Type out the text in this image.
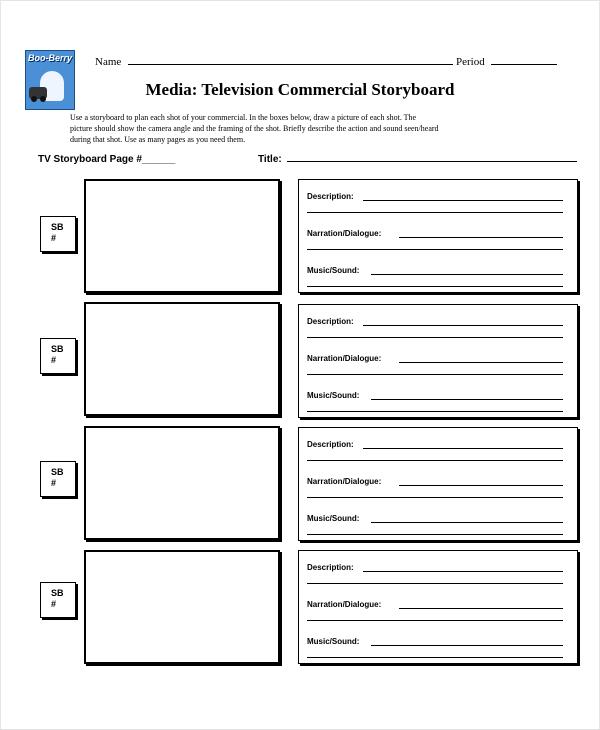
Boo-Berry Name	Period
Media: Television Commercial Storyboard
Use a storyboard to plan each shot of your commercial. In the boxes below, draw a picture of each shot. The
picture should show the camera angle and the framing of the shot. Briefly describe the action and sound seen/heard
during that shot. Use as many pages as you need them.
TV Storyboard Page #______	Title:
SB
#
Description:
Narration/Dialogue:
Music/Sound:
SB
#
Description:
Narration/Dialogue:
Music/Sound:
SB
#
Description:
Narration/Dialogue:
Music/Sound:
SB
#
Description:
Narration/Dialogue:
Music/Sound:
